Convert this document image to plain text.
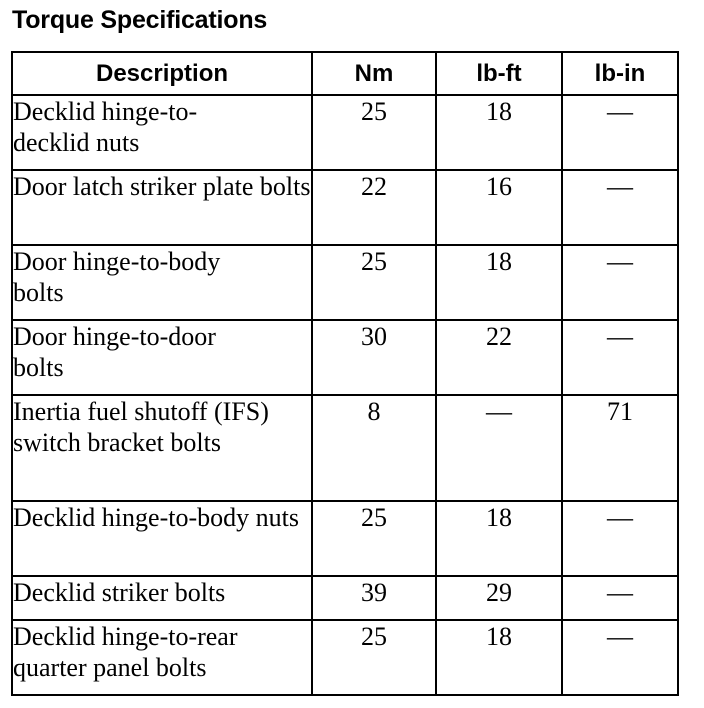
Torque Specifications
Description	Nm	lb-ft	lb-in
Decklid hinge-to-decklid nuts	25	18	—
Door latch striker plate bolts	22	16	—
Door hinge-to-body bolts	25	18	—
Door hinge-to-door bolts	30	22	—
Inertia fuel shutoff (IFS) switch bracket bolts	8	—	71
Decklid hinge-to-body nuts	25	18	—
Decklid striker bolts	39	29	—
Decklid hinge-to-rear quarter panel bolts	25	18	—
